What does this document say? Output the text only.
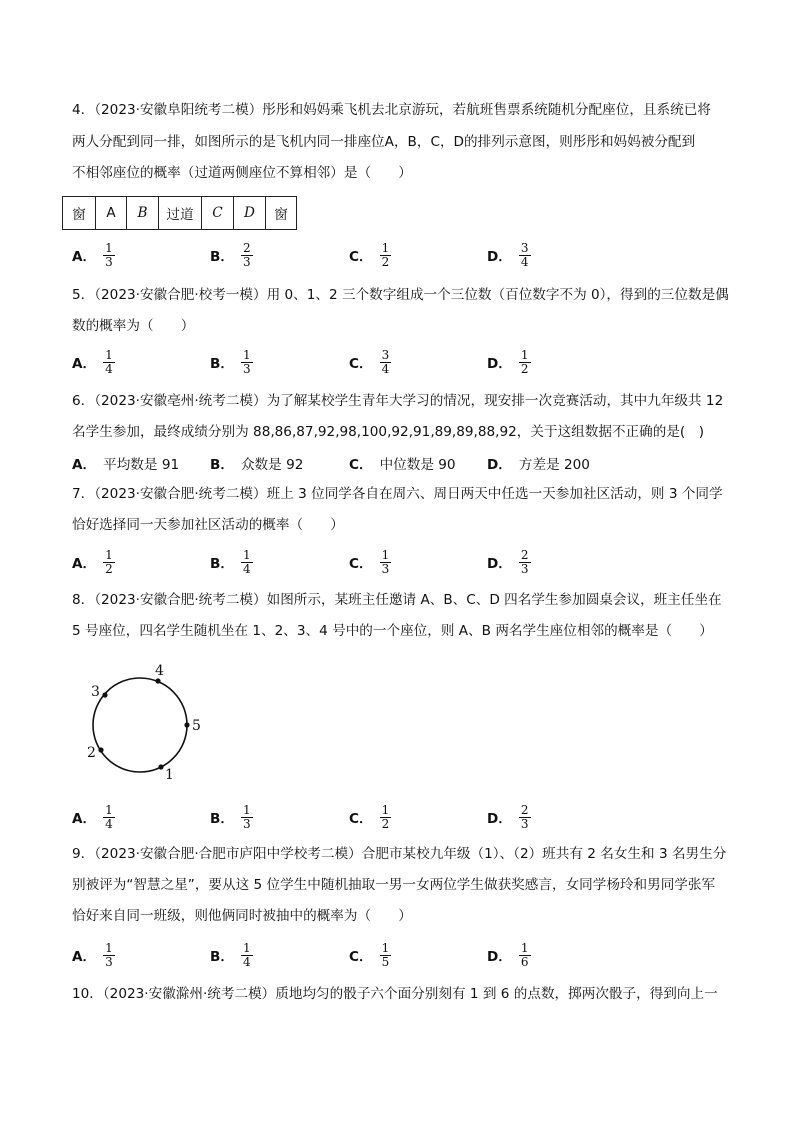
4．（2023·安徽阜阳统考二模）彤彤和妈妈乘飞机去北京游玩，若航班售票系统随机分配座位，且系统已将
两人分配到同一排，如图所示的是飞机内同一排座位A，B，C，D的排列示意图，则彤彤和妈妈被分配到
不相邻座位的概率（过道两侧座位不算相邻）是（　　）
窗	A	B	过道	C	D	窗
A． $\frac{1}{3}$	B． $\frac{2}{3}$	C． $\frac{1}{2}$	D． $\frac{3}{4}$
5．（2023·安徽合肥·校考一模）用 0、1、2 三个数字组成一个三位数（百位数字不为 0），得到的三位数是偶
数的概率为（　　）
A． $\frac{1}{4}$	B． $\frac{1}{3}$	C． $\frac{3}{4}$	D． $\frac{1}{2}$
6．（2023·安徽亳州·统考二模）为了解某校学生青年大学习的情况，现安排一次竞赛活动，其中九年级共 12
名学生参加，最终成绩分别为 88,86,87,92,98,100,92,91,89,89,88,92，关于这组数据不正确的是(　)
A． 平均数是 91 B． 众数是 92	C． 中位数是 90 D． 方差是 200
7．（2023·安徽合肥·统考二模）班上 3 位同学各自在周六、周日两天中任选一天参加社区活动，则 3 个同学
恰好选择同一天参加社区活动的概率（　　）
A． $\frac{1}{2}$	B． $\frac{1}{4}$	C． $\frac{1}{3}$	D． $\frac{2}{3}$
8．（2023·安徽合肥·统考二模）如图所示，某班主任邀请 A、B、C、D 四名学生参加圆桌会议，班主任坐在
5 号座位，四名学生随机坐在 1、2、3、4 号中的一个座位，则 A、B 两名学生座位相邻的概率是（　　）
1
2
3
4
5
A． $\frac{1}{4}$	B． $\frac{1}{3}$	C． $\frac{1}{2}$	D． $\frac{2}{3}$
9．（2023·安徽合肥·合肥市庐阳中学校考二模）合肥市某校九年级（1）、（2）班共有 2 名女生和 3 名男生分
别被评为“智慧之星”，要从这 5 位学生中随机抽取一男一女两位学生做获奖感言，女同学杨玲和男同学张军
恰好来自同一班级，则他俩同时被抽中的概率为（　　）
A． $\frac{1}{3}$	B． $\frac{1}{4}$	C． $\frac{1}{5}$	D． $\frac{1}{6}$
10．（2023·安徽滁州·统考二模）质地均匀的骰子六个面分别刻有 1 到 6 的点数，掷两次骰子，得到向上一
